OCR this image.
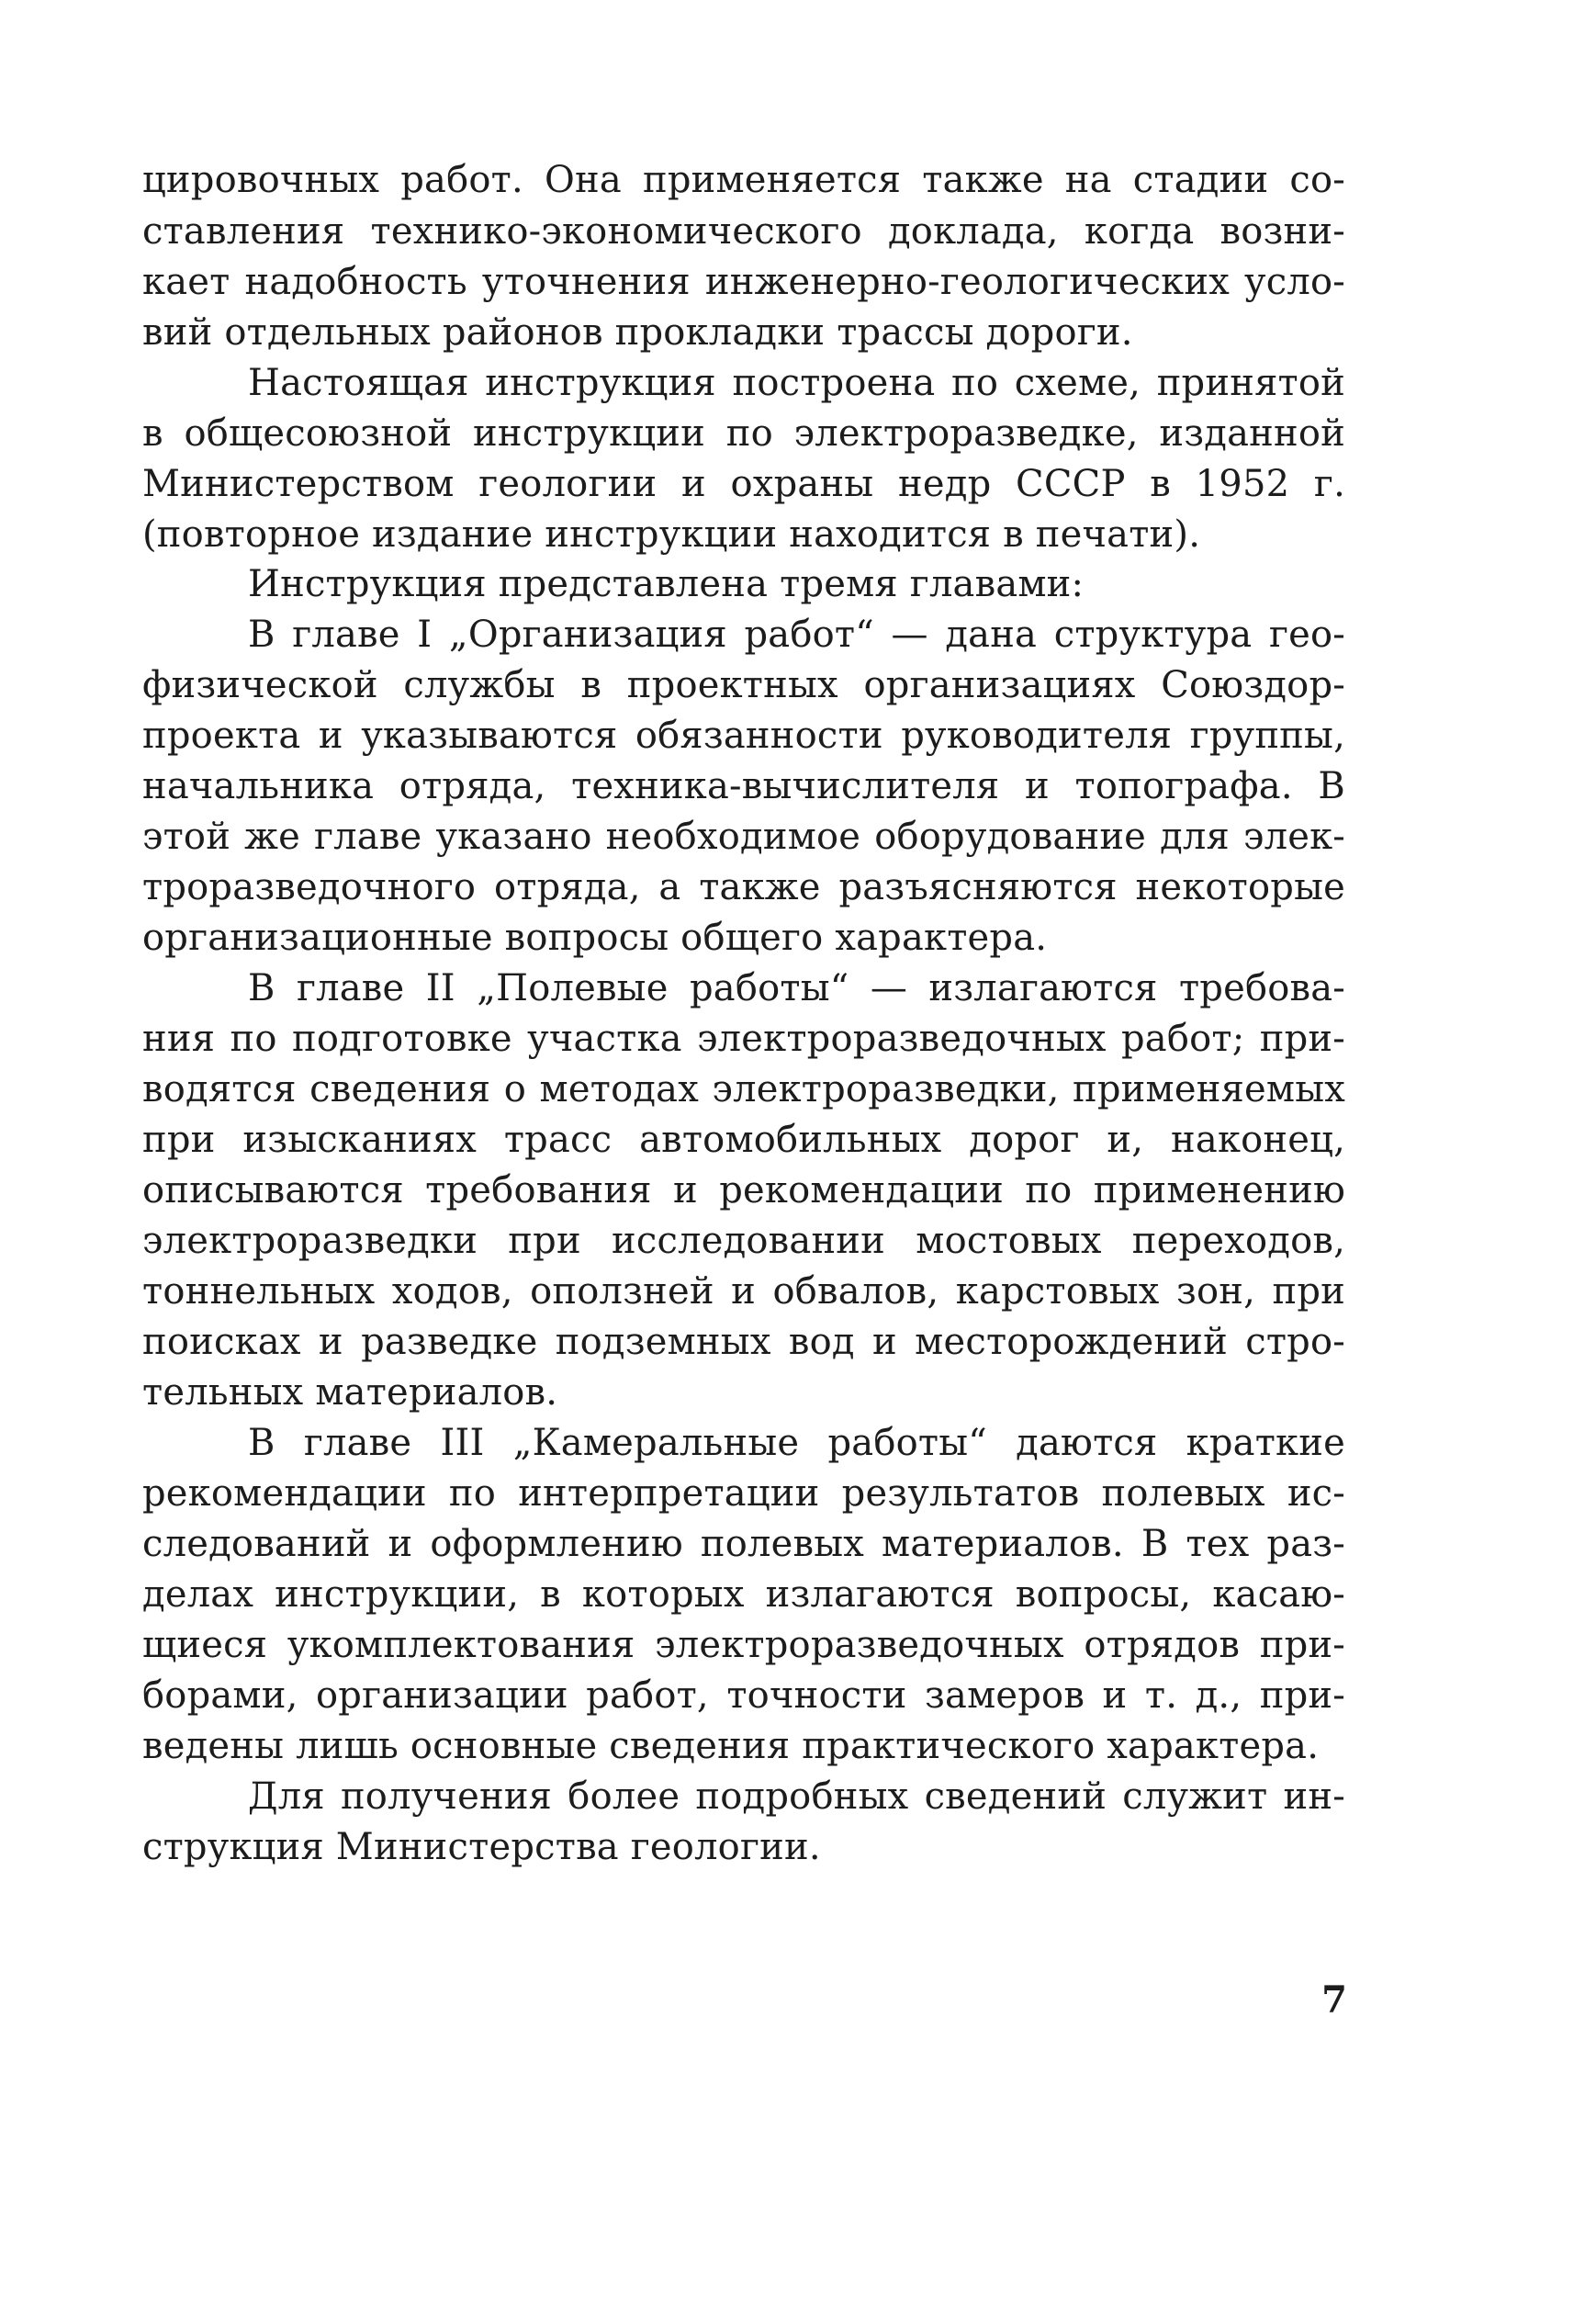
цировочных работ. Она применяется также на стадии со-
ставления технико-экономического доклада, когда возни-
кает надобность уточнения инженерно-геологических усло-
вий отдельных районов прокладки трассы дороги.
Настоящая инструкция построена по схеме, принятой
в общесоюзной инструкции по электроразведке, изданной
Министерством геологии и охраны недр СССР в 1952 г.
(повторное издание инструкции находится в печати).
Инструкция представлена тремя главами:
В главе I „Организация работ“ — дана структура гео-
физической службы в проектных организациях Союздор-
проекта и указываются обязанности руководителя группы,
начальника отряда, техника-вычислителя и топографа. В
этой же главе указано необходимое оборудование для элек-
троразведочного отряда, а также разъясняются некоторые
организационные вопросы общего характера.
В главе II „Полевые работы“ — излагаются требова-
ния по подготовке участка электроразведочных работ; при-
водятся сведения о методах электроразведки, применяемых
при изысканиях трасс автомобильных дорог и, наконец,
описываются требования и рекомендации по применению
электроразведки при исследовании мостовых переходов,
тоннельных ходов, оползней и обвалов, карстовых зон, при
поисках и разведке подземных вод и месторождений стро-
тельных материалов.
В главе III „Камеральные работы“ даются краткие
рекомендации по интерпретации результатов полевых ис-
следований и оформлению полевых материалов. В тех раз-
делах инструкции, в которых излагаются вопросы, касаю-
щиеся укомплектования электроразведочных отрядов при-
борами, организации работ, точности замеров и т. д., при-
ведены лишь основные сведения практического характера.
Для получения более подробных сведений служит ин-
струкция Министерства геологии.
7
